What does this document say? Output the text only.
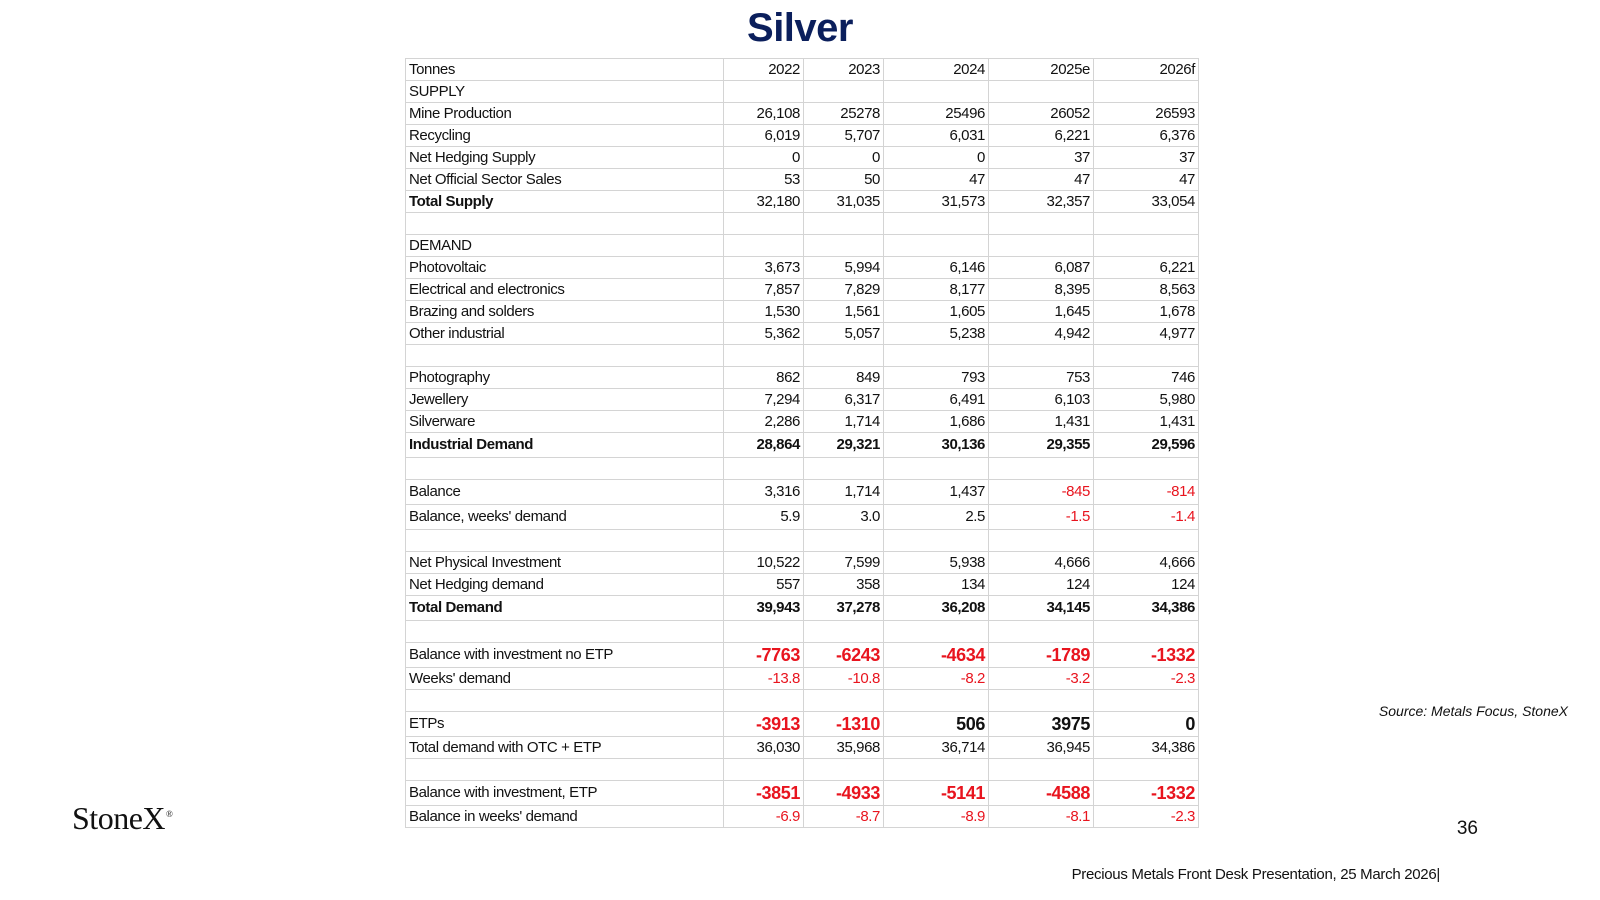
Silver
Tonnes	2022	2023	2024	2025e	2026f
SUPPLY					
Mine Production	26,108	25278	25496	26052	26593
Recycling	6,019	5,707	6,031	6,221	6,376
Net Hedging Supply	0	0	0	37	37
Net Official Sector Sales	53	50	47	47	47
Total Supply	32,180	31,035	31,573	32,357	33,054

DEMAND					
Photovoltaic	3,673	5,994	6,146	6,087	6,221
Electrical and electronics	7,857	7,829	8,177	8,395	8,563
Brazing and solders	1,530	1,561	1,605	1,645	1,678
Other industrial	5,362	5,057	5,238	4,942	4,977

Photography	862	849	793	753	746
Jewellery	7,294	6,317	6,491	6,103	5,980
Silverware	2,286	1,714	1,686	1,431	1,431
Industrial Demand	28,864	29,321	30,136	29,355	29,596

Balance	3,316	1,714	1,437	-845	-814
Balance, weeks' demand	5.9	3.0	2.5	-1.5	-1.4

Net Physical Investment	10,522	7,599	5,938	4,666	4,666
Net Hedging demand	557	358	134	124	124
Total Demand	39,943	37,278	36,208	34,145	34,386

Balance with investment no ETP	-7763	-6243	-4634	-1789	-1332
Weeks' demand	-13.8	-10.8	-8.2	-3.2	-2.3

ETPs	-3913	-1310	506	3975	0
Total demand with OTC + ETP	36,030	35,968	36,714	36,945	34,386

Balance with investment, ETP	-3851	-4933	-5141	-4588	-1332
Balance in weeks' demand	-6.9	-8.7	-8.9	-8.1	-2.3
Source: Metals Focus, StoneX
StoneX®
36
Precious Metals Front Desk Presentation, 25 March 2026|
